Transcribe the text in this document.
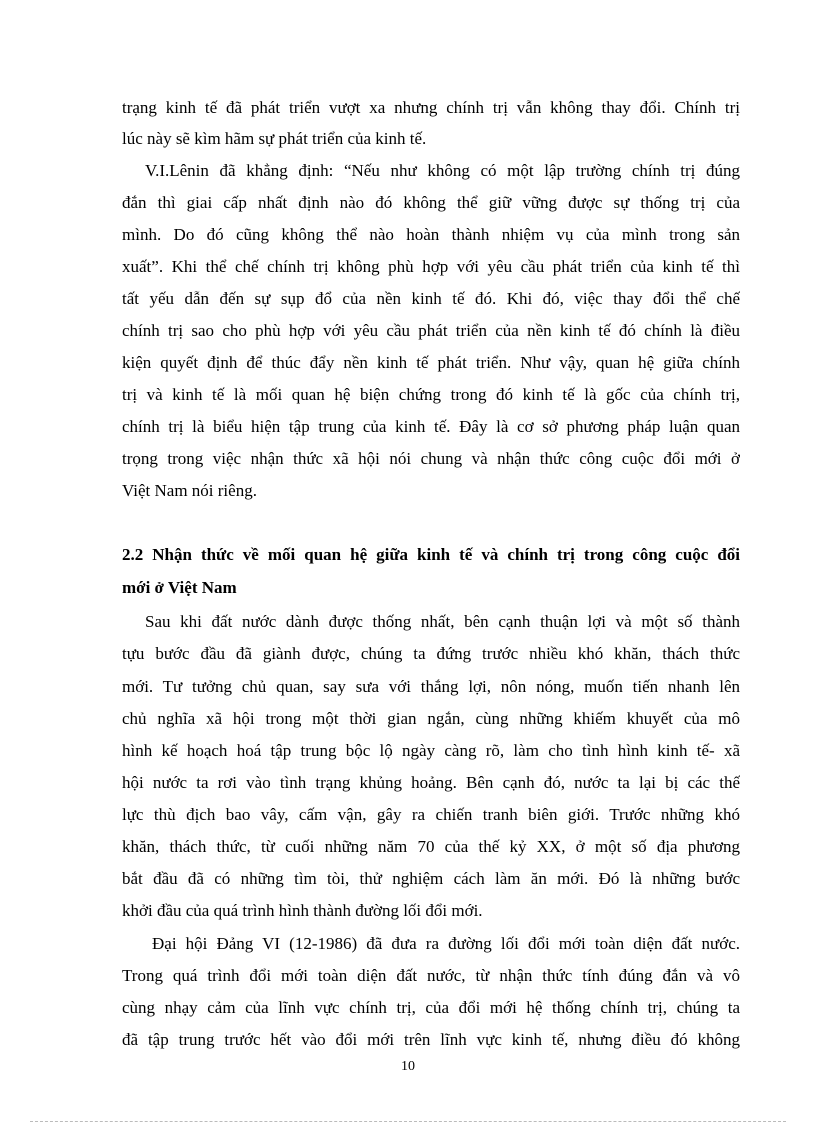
trạng kinh tế đã phát triển vượt xa nhưng chính trị vẫn không thay đổi. Chính trị
lúc này sẽ kìm hãm sự phát triển của kinh tế.
V.I.Lênin đã khẳng định: “Nếu như không có một lập trường chính trị đúng
đắn thì giai cấp nhất định nào đó không thể giữ vững được sự thống trị của
mình. Do đó cũng không thể nào hoàn thành nhiệm vụ của mình trong sản
xuất”. Khi thể chế chính trị không phù hợp với yêu cầu phát triển của kinh tế thì
tất yếu dẫn đến sự sụp đổ của nền kinh tế đó. Khi đó, việc thay đổi thể chế
chính trị sao cho phù hợp với yêu cầu phát triển của nền kinh tế đó chính là điều
kiện quyết định để thúc đẩy nền kinh tế phát triển. Như vậy, quan hệ giữa chính
trị và kinh tế là mối quan hệ biện chứng trong đó kinh tế là gốc của chính trị,
chính trị là biểu hiện tập trung của kinh tế. Đây là cơ sở phương pháp luận quan
trọng trong việc nhận thức xã hội nói chung và nhận thức công cuộc đổi mới ở
Việt Nam nói riêng.
2.2 Nhận thức về mối quan hệ giữa kinh tế và chính trị trong công cuộc đổi
mới ở Việt Nam
Sau khi đất nước dành được thống nhất, bên cạnh thuận lợi và một số thành
tựu bước đầu đã giành được, chúng ta đứng trước nhiều khó khăn, thách thức
mới. Tư tưởng chủ quan, say sưa với thắng lợi, nôn nóng, muốn tiến nhanh lên
chủ nghĩa xã hội trong một thời gian ngắn, cùng những khiếm khuyết của mô
hình kế hoạch hoá tập trung bộc lộ ngày càng rõ, làm cho tình hình kinh tế- xã
hội nước ta rơi vào tình trạng khủng hoảng. Bên cạnh đó, nước ta lại bị các thế
lực thù địch bao vây, cấm vận, gây ra chiến tranh biên giới. Trước những khó
khăn, thách thức, từ cuối những năm 70 của thế kỷ XX, ở một số địa phương
bắt đầu đã có những tìm tòi, thử nghiệm cách làm ăn mới. Đó là những bước
khởi đầu của quá trình hình thành đường lối đổi mới.
Đại hội Đảng VI (12-1986) đã đưa ra đường lối đổi mới toàn diện đất nước.
Trong quá trình đổi mới toàn diện đất nước, từ nhận thức tính đúng đắn và vô
cùng nhạy cảm của lĩnh vực chính trị, của đổi mới hệ thống chính trị, chúng ta
đã tập trung trước hết vào đổi mới trên lĩnh vực kinh tế, nhưng điều đó không
10
